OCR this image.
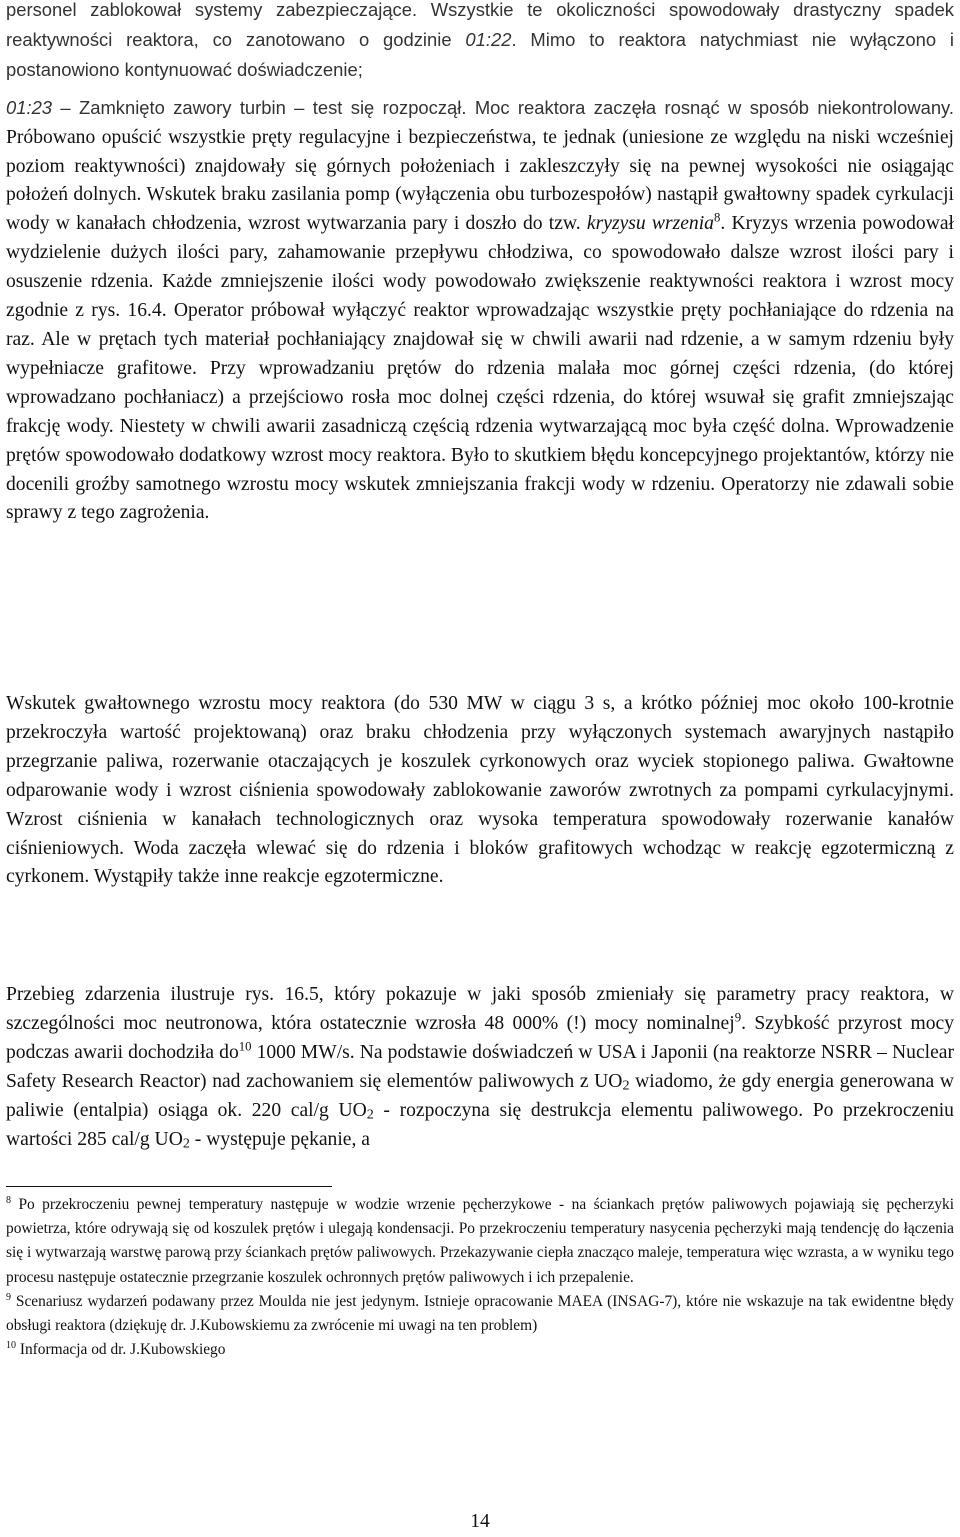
personel zablokował systemy zabezpieczające. Wszystkie te okoliczności spowodowały drastyczny spadek reaktywności reaktora, co zanotowano o godzinie 01:22. Mimo to reaktora natychmiast nie wyłączono i postanowiono kontynuować doświadczenie;
01:23 – Zamknięto zawory turbin – test się rozpoczął. Moc reaktora zaczęła rosnąć w sposób niekontrolowany. Próbowano opuścić wszystkie pręty regulacyjne i bezpieczeństwa, te jednak (uniesione ze względu na niski wcześniej poziom reaktywności) znajdowały się górnych położeniach i zakleszczyły się na pewnej wysokości nie osiągając położeń dolnych. Wskutek braku zasilania pomp (wyłączenia obu turbozespołów) nastąpił gwałtowny spadek cyrkulacji wody w kanałach chłodzenia, wzrost wytwarzania pary i doszło do tzw. kryzysu wrzenia$^8$. Kryzys wrzenia powodował wydzielenie dużych ilości pary, zahamowanie przepływu chłodziwa, co spowodowało dalsze wzrost ilości pary i osuszenie rdzenia. Każde zmniejszenie ilości wody powodowało zwiększenie reaktywności reaktora i wzrost mocy zgodnie z rys. 16.4. Operator próbował wyłączyć reaktor wprowadzając wszystkie pręty pochłaniające do rdzenia na raz. Ale w prętach tych materiał pochłaniający znajdował się w chwili awarii nad rdzenie, a w samym rdzeniu były wypełniacze grafitowe. Przy wprowadzaniu prętów do rdzenia malała moc górnej części rdzenia, (do której wprowadzano pochłaniacz) a przejściowo rosła moc dolnej części rdzenia, do której wsuwał się grafit zmniejszając frakcję wody. Niestety w chwili awarii zasadniczą częścią rdzenia wytwarzającą moc była część dolna. Wprowadzenie prętów spowodowało dodatkowy wzrost mocy reaktora. Było to skutkiem błędu koncepcyjnego projektantów, którzy nie docenili groźby samotnego wzrostu mocy wskutek zmniejszania frakcji wody w rdzeniu. Operatorzy nie zdawali sobie sprawy z tego zagrożenia.

Wskutek gwałtownego wzrostu mocy reaktora (do 530 MW w ciągu 3 s, a krótko później moc około 100-krotnie przekroczyła wartość projektowaną) oraz braku chłodzenia przy wyłączonych systemach awaryjnych nastąpiło przegrzanie paliwa, rozerwanie otaczających je koszulek cyrkonowych oraz wyciek stopionego paliwa. Gwałtowne odparowanie wody i wzrost ciśnienia spowodowały zablokowanie zaworów zwrotnych za pompami cyrkulacyjnymi. Wzrost ciśnienia w kanałach technologicznych oraz wysoka temperatura spowodowały rozerwanie kanałów ciśnieniowych. Woda zaczęła wlewać się do rdzenia i bloków grafitowych wchodząc w reakcję egzotermiczną z cyrkonem. Wystąpiły także inne reakcje egzotermiczne.

Przebieg zdarzenia ilustruje rys. 16.5, który pokazuje w jaki sposób zmieniały się parametry pracy reaktora, w szczególności moc neutronowa, która ostatecznie wzrosła 48 000% (!) mocy nominalnej$^9$. Szybkość przyrost mocy podczas awarii dochodziła $do^{10}$ 1000 MW/s. Na podstawie doświadczeń w USA i Japonii (na reaktorze NSRR – Nuclear Safety Research Reactor) nad zachowaniem się elementów paliwowych z $UO_2$ wiadomo, że gdy energia generowana w paliwie (entalpia) osiąga ok. 220 cal/g $UO_2$ - rozpoczyna się destrukcja elementu paliwowego. Po przekroczeniu wartości 285 cal/g $UO_2$ - występuje pękanie, a

$^8$ Po przekroczeniu pewnej temperatury następuje w wodzie wrzenie pęcherzykowe - na ściankach prętów paliwowych pojawiają się pęcherzyki powietrza, które odrywają się od koszulek prętów i ulegają kondensacji. Po przekroczeniu temperatury nasycenia pęcherzyki mają tendencję do łączenia się i wytwarzają warstwę parową przy ściankach prętów paliwowych. Przekazywanie ciepła znacząco maleje, temperatura więc wzrasta, a w wyniku tego procesu następuje ostatecznie przegrzanie koszulek ochronnych prętów paliwowych i ich przepalenie.

$^9$ Scenariusz wydarzeń podawany przez Moulda nie jest jedynym. Istnieje opracowanie MAEA (INSAG-7), które nie wskazuje na tak ewidentne błędy obsługi reaktora (dziękuję dr. J.Kubowskiemu za zwrócenie mi uwagi na ten problem)

$^{10}$ Informacja od dr. J.Kubowskiego

14
